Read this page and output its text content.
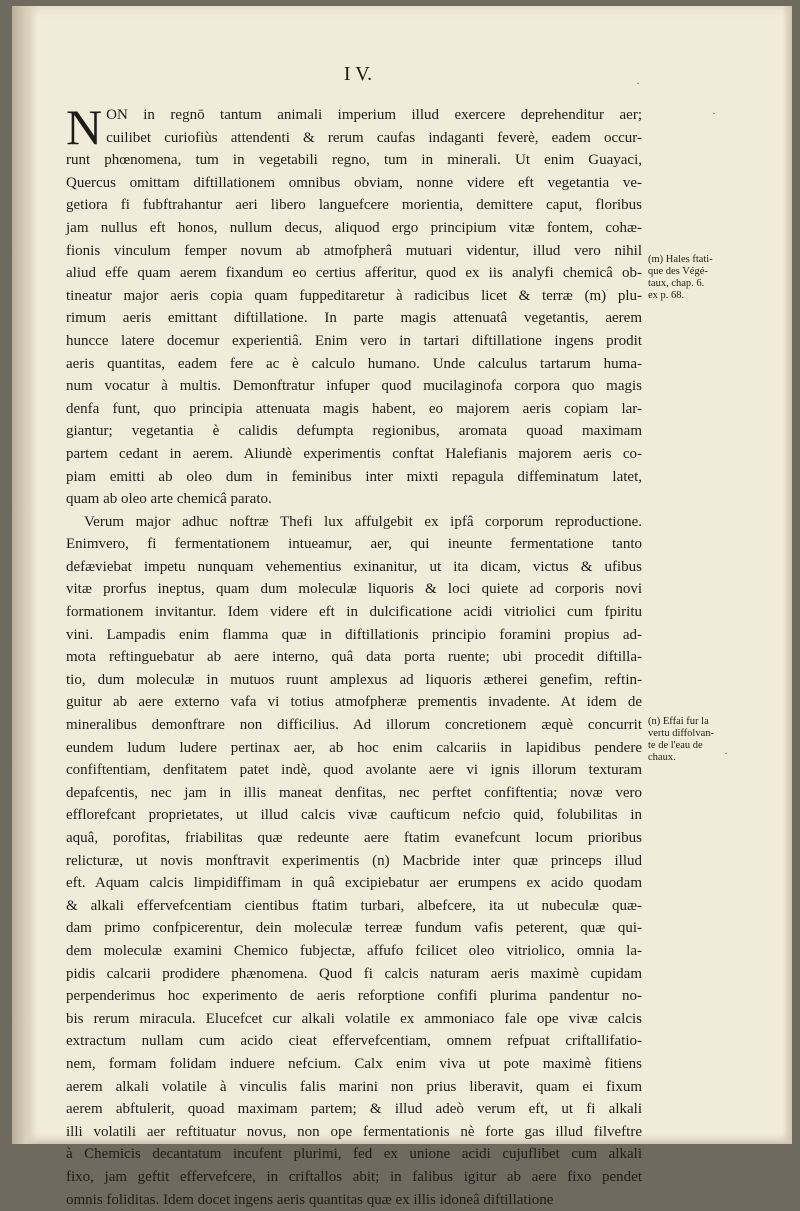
I V.
N ON in regnō tantum animali imperium illud exercere deprehenditur aer;
cuilibet curiofiùs attendenti & rerum caufas indaganti feverè, eadem occur-
runt phœnomena, tum in vegetabili regno, tum in minerali. Ut enim Guayaci,
Quercus omittam diftillationem omnibus obviam, nonne videre eft vegetantia ve-
getiora fi fubftrahantur aeri libero languefcere morientia, demittere caput, floribus
jam nullus eft honos, nullum decus, aliquod ergo principium vitæ fontem, cohæ-
fionis vinculum femper novum ab atmofpherâ mutuari videntur, illud vero nihil
aliud effe quam aerem fixandum eo certius afferitur, quod ex iis analyfi chemicâ ob-
tineatur major aeris copia quam fuppeditaretur à radicibus licet & terræ (m) plu-
rimum aeris emittant diftillatione. In parte magis attenuatâ vegetantis, aerem
huncce latere docemur experientiâ. Enim vero in tartari diftillatione ingens prodit
aeris quantitas, eadem fere ac è calculo humano. Unde calculus tartarum huma-
num vocatur à multis. Demonftratur infuper quod mucilaginofa corpora quo magis
denfa funt, quo principia attenuata magis habent, eo majorem aeris copiam lar-
giantur; vegetantia è calidis defumpta regionibus, aromata quoad maximam
partem cedant in aerem. Aliundè experimentis conftat Halefianis majorem aeris co-
piam emitti ab oleo dum in feminibus inter mixti repagula diffeminatum latet,
quam ab oleo arte chemicâ parato.
Verum major adhuc noftræ Thefi lux affulgebit ex ipfâ corporum reproductione.
Enimvero, fi fermentationem intueamur, aer, qui ineunte fermentatione tanto
defæviebat impetu nunquam vehementius exinanitur, ut ita dicam, victus & ufibus
vitæ prorfus ineptus, quam dum moleculæ liquoris & loci quiete ad corporis novi
formationem invitantur. Idem videre eft in dulcificatione acidi vitriolici cum fpiritu
vini. Lampadis enim flamma quæ in diftillationis principio foramini propius ad-
mota reftinguebatur ab aere interno, quâ data porta ruente; ubi procedit diftilla-
tio, dum moleculæ in mutuos ruunt amplexus ad liquoris ætherei genefim, reftin-
guitur ab aere externo vafa vi totius atmofpheræ prementis invadente. At idem de
mineralibus demonftrare non difficilius. Ad illorum concretionem æquè concurrit
eundem ludum ludere pertinax aer, ab hoc enim calcariis in lapidibus pendere
confiftentiam, denfitatem patet indè, quod avolante aere vi ignis illorum texturam
depafcentis, nec jam in illis maneat denfitas, nec perftet confiftentia; novæ vero
efflorefcant proprietates, ut illud calcis vivæ caufticum nefcio quid, folubilitas in
aquâ, porofitas, friabilitas quæ redeunte aere ftatim evanefcunt locum prioribus
relicturæ, ut novis monftravit experimentis (n) Macbride inter quæ princeps illud
eft. Aquam calcis limpidiffimam in quâ excipiebatur aer erumpens ex acido quodam
& alkali effervefcentiam cientibus ftatim turbari, albefcere, ita ut nubeculæ quæ-
dam primo confpicerentur, dein moleculæ terreæ fundum vafis peterent, quæ qui-
dem moleculæ examini Chemico fubjectæ, affufo fcilicet oleo vitriolico, omnia la-
pidis calcarii prodidere phænomena. Quod fi calcis naturam aeris maximè cupidam
perpenderimus hoc experimento de aeris reforptione confifi plurima pandentur no-
bis rerum miracula. Elucefcet cur alkali volatile ex ammoniaco fale ope vivæ calcis
extractum nullam cum acido cieat effervefcentiam, omnem refpuat criftallifatio-
nem, formam folidam induere nefcium. Calx enim viva ut pote maximè fitiens
aerem alkali volatile à vinculis falis marini non prius liberavit, quam ei fixum
aerem abftulerit, quoad maximam partem; & illud adeò verum eft, ut fi alkali
illi volatili aer reftituatur novus, non ope fermentationis nè forte gas illud filveftre
à Chemicis decantatum incufent plurimi, fed ex unione acidi cujuflibet cum alkali
fixo, jam geftit effervefcere, in criftallos abit; in falibus igitur ab aere fixo pendet
omnis foliditas. Idem docet ingens aeris quantitas quæ ex illis idoneâ diftillatione
(m) Hales ftati-
que des Végé-
taux, chap. 6.
ex p. 68.
(n) Effai fur la
vertu diffolvan-
te de l'eau de
chaux.
·
·
·
